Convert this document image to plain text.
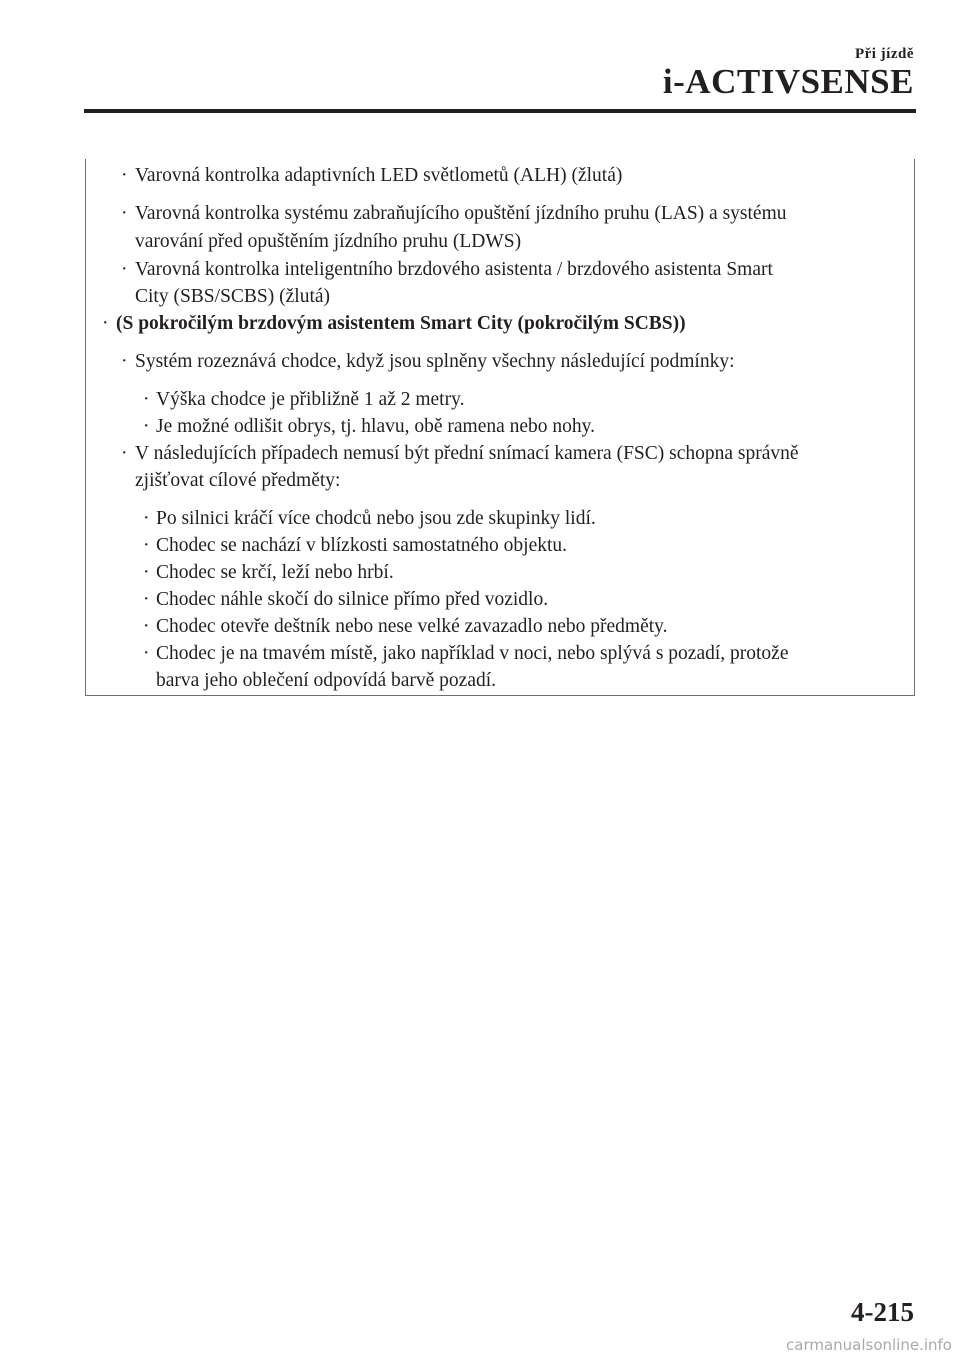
Při jízdě
i-ACTIVSENSE
· Varovná kontrolka adaptivních LED světlometů (ALH) (žlutá)
· Varovná kontrolka systému zabraňujícího opuštění jízdního pruhu (LAS) a systému
varování před opuštěním jízdního pruhu (LDWS)
· Varovná kontrolka inteligentního brzdového asistenta / brzdového asistenta Smart
City (SBS/SCBS) (žlutá)
· (S pokročilým brzdovým asistentem Smart City (pokročilým SCBS))
· Systém rozeznává chodce, když jsou splněny všechny následující podmínky:
· Výška chodce je přibližně 1 až 2 metry.
· Je možné odlišit obrys, tj. hlavu, obě ramena nebo nohy.
· V následujících případech nemusí být přední snímací kamera (FSC) schopna správně
zjišťovat cílové předměty:
· Po silnici kráčí více chodců nebo jsou zde skupinky lidí.
· Chodec se nachází v blízkosti samostatného objektu.
· Chodec se krčí, leží nebo hrbí.
· Chodec náhle skočí do silnice přímo před vozidlo.
· Chodec otevře deštník nebo nese velké zavazadlo nebo předměty.
· Chodec je na tmavém místě, jako například v noci, nebo splývá s pozadí, protože
barva jeho oblečení odpovídá barvě pozadí.
4-215
carmanualsonline.info
